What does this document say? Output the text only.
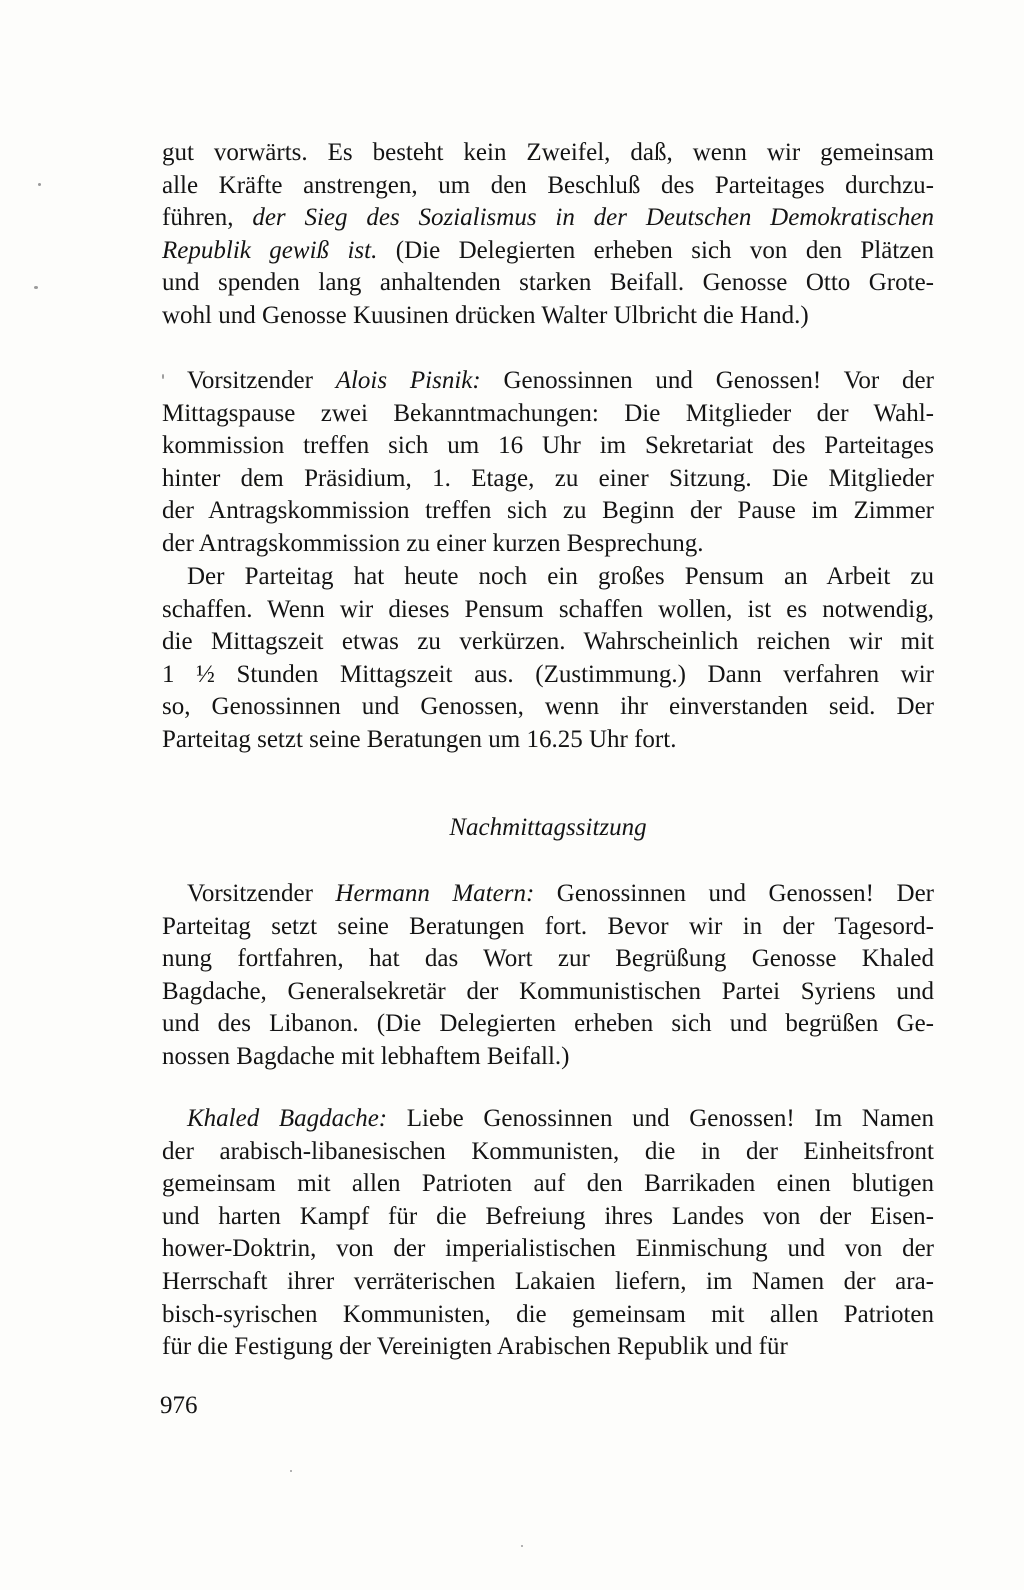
gut vorwärts. Es besteht kein Zweifel, daß, wenn wir gemeinsam
alle Kräfte anstrengen, um den Beschluß des Parteitages durchzu-
führen, der Sieg des Sozialismus in der Deutschen Demokratischen
Republik gewiß ist. (Die Delegierten erheben sich von den Plätzen
und spenden lang anhaltenden starken Beifall. Genosse Otto Grote-
wohl und Genosse Kuusinen drücken Walter Ulbricht die Hand.)
Vorsitzender Alois Pisnik: Genossinnen und Genossen! Vor der
Mittagspause zwei Bekanntmachungen: Die Mitglieder der Wahl-
kommission treffen sich um 16 Uhr im Sekretariat des Parteitages
hinter dem Präsidium, 1. Etage, zu einer Sitzung. Die Mitglieder
der Antragskommission treffen sich zu Beginn der Pause im Zimmer
der Antragskommission zu einer kurzen Besprechung.
Der Parteitag hat heute noch ein großes Pensum an Arbeit zu
schaffen. Wenn wir dieses Pensum schaffen wollen, ist es notwendig,
die Mittagszeit etwas zu verkürzen. Wahrscheinlich reichen wir mit
1 ½ Stunden Mittagszeit aus. (Zustimmung.) Dann verfahren wir
so, Genossinnen und Genossen, wenn ihr einverstanden seid. Der
Parteitag setzt seine Beratungen um 16.25 Uhr fort.
Nachmittagssitzung
Vorsitzender Hermann Matern: Genossinnen und Genossen! Der
Parteitag setzt seine Beratungen fort. Bevor wir in der Tagesord-
nung fortfahren, hat das Wort zur Begrüßung Genosse Khaled
Bagdache, Generalsekretär der Kommunistischen Partei Syriens und
und des Libanon. (Die Delegierten erheben sich und begrüßen Ge-
nossen Bagdache mit lebhaftem Beifall.)
Khaled Bagdache: Liebe Genossinnen und Genossen! Im Namen
der arabisch-libanesischen Kommunisten, die in der Einheitsfront
gemeinsam mit allen Patrioten auf den Barrikaden einen blutigen
und harten Kampf für die Befreiung ihres Landes von der Eisen-
hower-Doktrin, von der imperialistischen Einmischung und von der
Herrschaft ihrer verräterischen Lakaien liefern, im Namen der ara-
bisch-syrischen Kommunisten, die gemeinsam mit allen Patrioten
für die Festigung der Vereinigten Arabischen Republik und für
976
